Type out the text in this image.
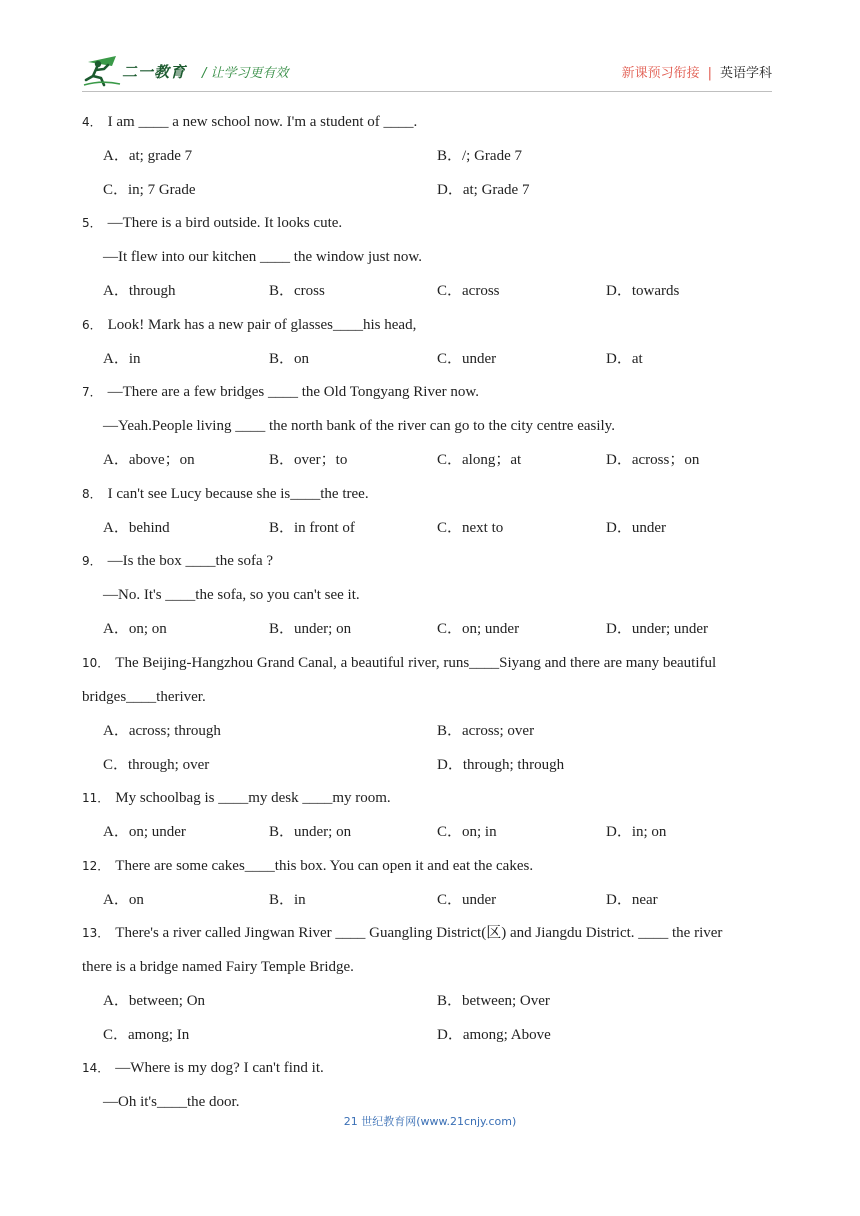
二一教育 / 让学习更有效	新课预习衔接 | 英语学科
4． I am ____ a new school now. I'm a student of ____.
A．at; grade 7	B．/; Grade 7
C．in; 7 Grade	D．at; Grade 7
5． —There is a bird outside. It looks cute.
—It flew into our kitchen ____ the window just now.
A．through	B．cross	C．across	D．towards
6． Look! Mark has a new pair of glasses____his head,
A．in	B．on	C．under	D．at
7． —There are a few bridges ____ the Old Tongyang River now.
—Yeah.People living ____ the north bank of the river can go to the city centre easily.
A．above；on	B．over；to	C．along；at	D．across；on
8． I can't see Lucy because she is____the tree.
A．behind	B．in front of	C．next to	D．under
9． —Is the box ____the sofa ?
—No. It's ____the sofa, so you can't see it.
A．on; on	B．under; on	C．on; under	D．under; under
10． The Beijing-Hangzhou Grand Canal, a beautiful river, runs____Siyang and there are many beautiful
bridges____theriver.
A．across; through	B．across; over
C．through; over	D．through; through
11． My schoolbag is ____my desk ____my room.
A．on; under	B．under; on	C．on; in	D．in; on
12． There are some cakes____this box. You can open it and eat the cakes.
A．on	B．in	C．under	D．near
13． There's a river called Jingwan River ____ Guangling District(区) and Jiangdu District. ____ the river
there is a bridge named Fairy Temple Bridge.
A．between; On	B．between; Over
C．among; In	D．among; Above
14． —Where is my dog? I can't find it.
—Oh it's____the door.
21 世纪教育网(www.21cnjy.com)
